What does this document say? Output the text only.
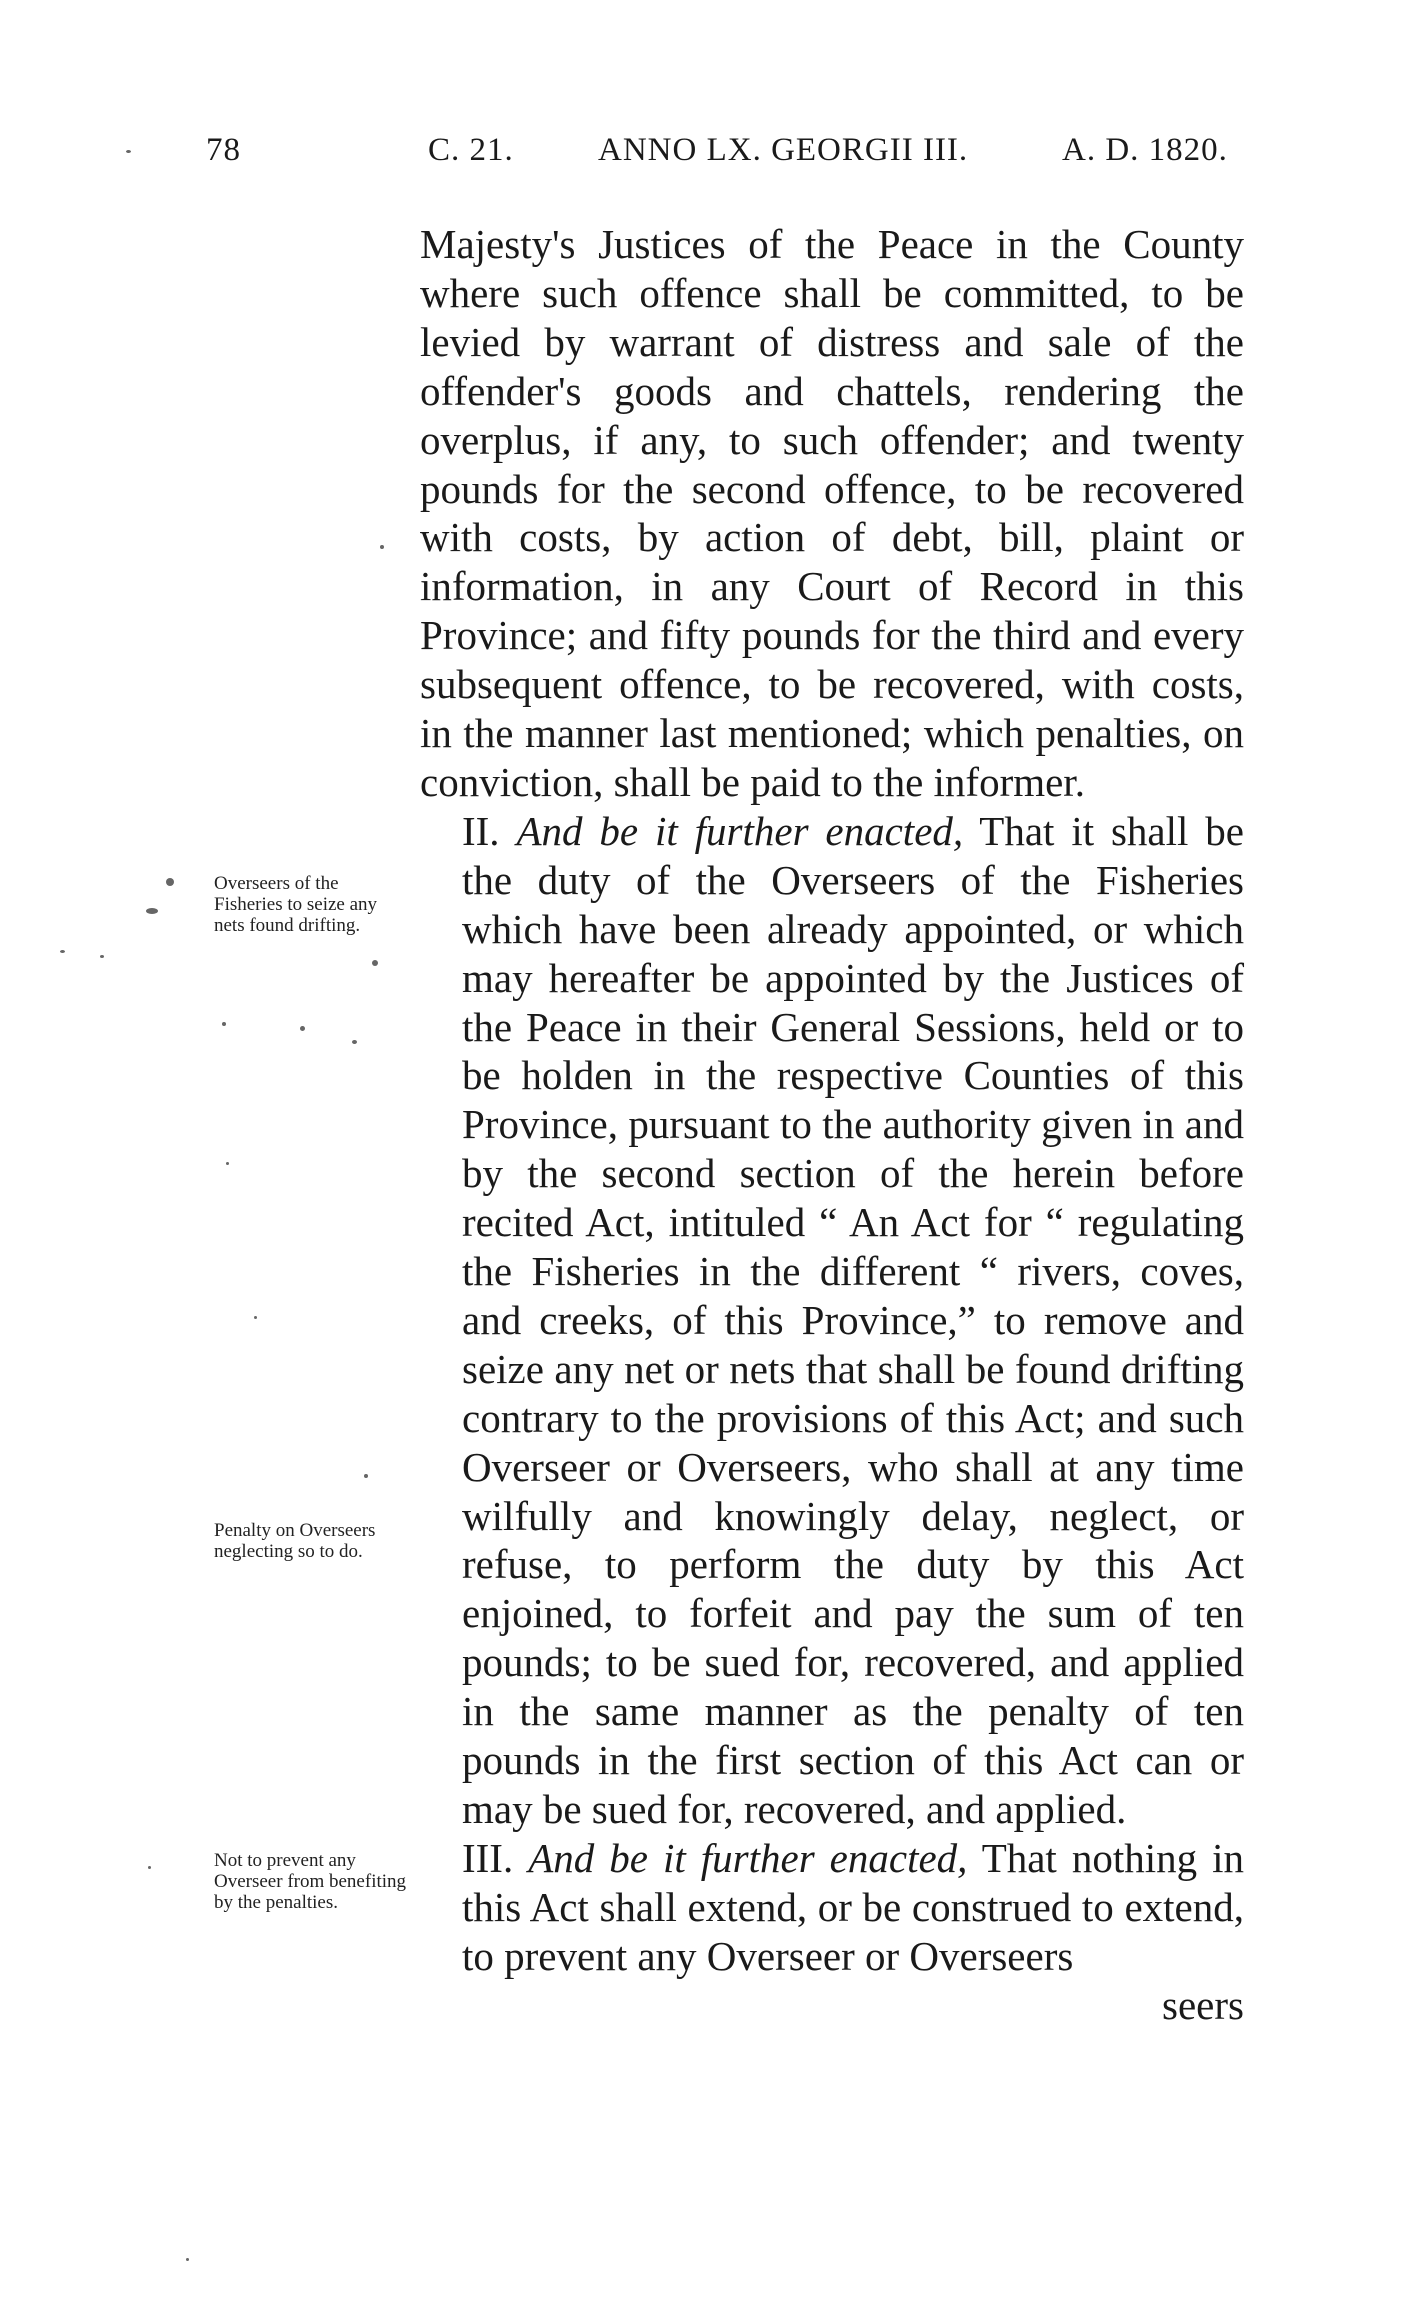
78	C. 21.	ANNO LX. GEORGII III.	A. D. 1820.
Overseers of the Fisheries to seize any nets found drifting.
Penalty on Overseers neglecting so to do.
Not to prevent any Overseer from benefiting by the penalties.

Majesty's Justices of the Peace in the County where such offence shall be committed, to be levied by warrant of distress and sale of the offender's goods and chattels, rendering the overplus, if any, to such offender; and twenty pounds for the second offence, to be recovered with costs, by action of debt, bill, plaint or information, in any Court of Record in this Province; and fifty pounds for the third and every subsequent offence, to be recovered, with costs, in the manner last mentioned; which penalties, on conviction, shall be paid to the informer.

II. And be it further enacted, That it shall be the duty of the Overseers of the Fisheries which have been already appointed, or which may hereafter be appointed by the Justices of the Peace in their General Sessions, held or to be holden in the respective Counties of this Province, pursuant to the authority given in and by the second section of the herein before recited Act, intituled “ An Act for “ regulating the Fisheries in the different “ rivers, coves, and creeks, of this Province,” to remove and seize any net or nets that shall be found drifting contrary to the provisions of this Act; and such Overseer or Overseers, who shall at any time wilfully and knowingly delay, neglect, or refuse, to perform the duty by this Act enjoined, to forfeit and pay the sum of ten pounds; to be sued for, recovered, and applied in the same manner as the penalty of ten pounds in the first section of this Act can or may be sued for, recovered, and applied.

III. And be it further enacted, That nothing in this Act shall extend, or be construed to extend, to prevent any Overseer or Overseers

seers
